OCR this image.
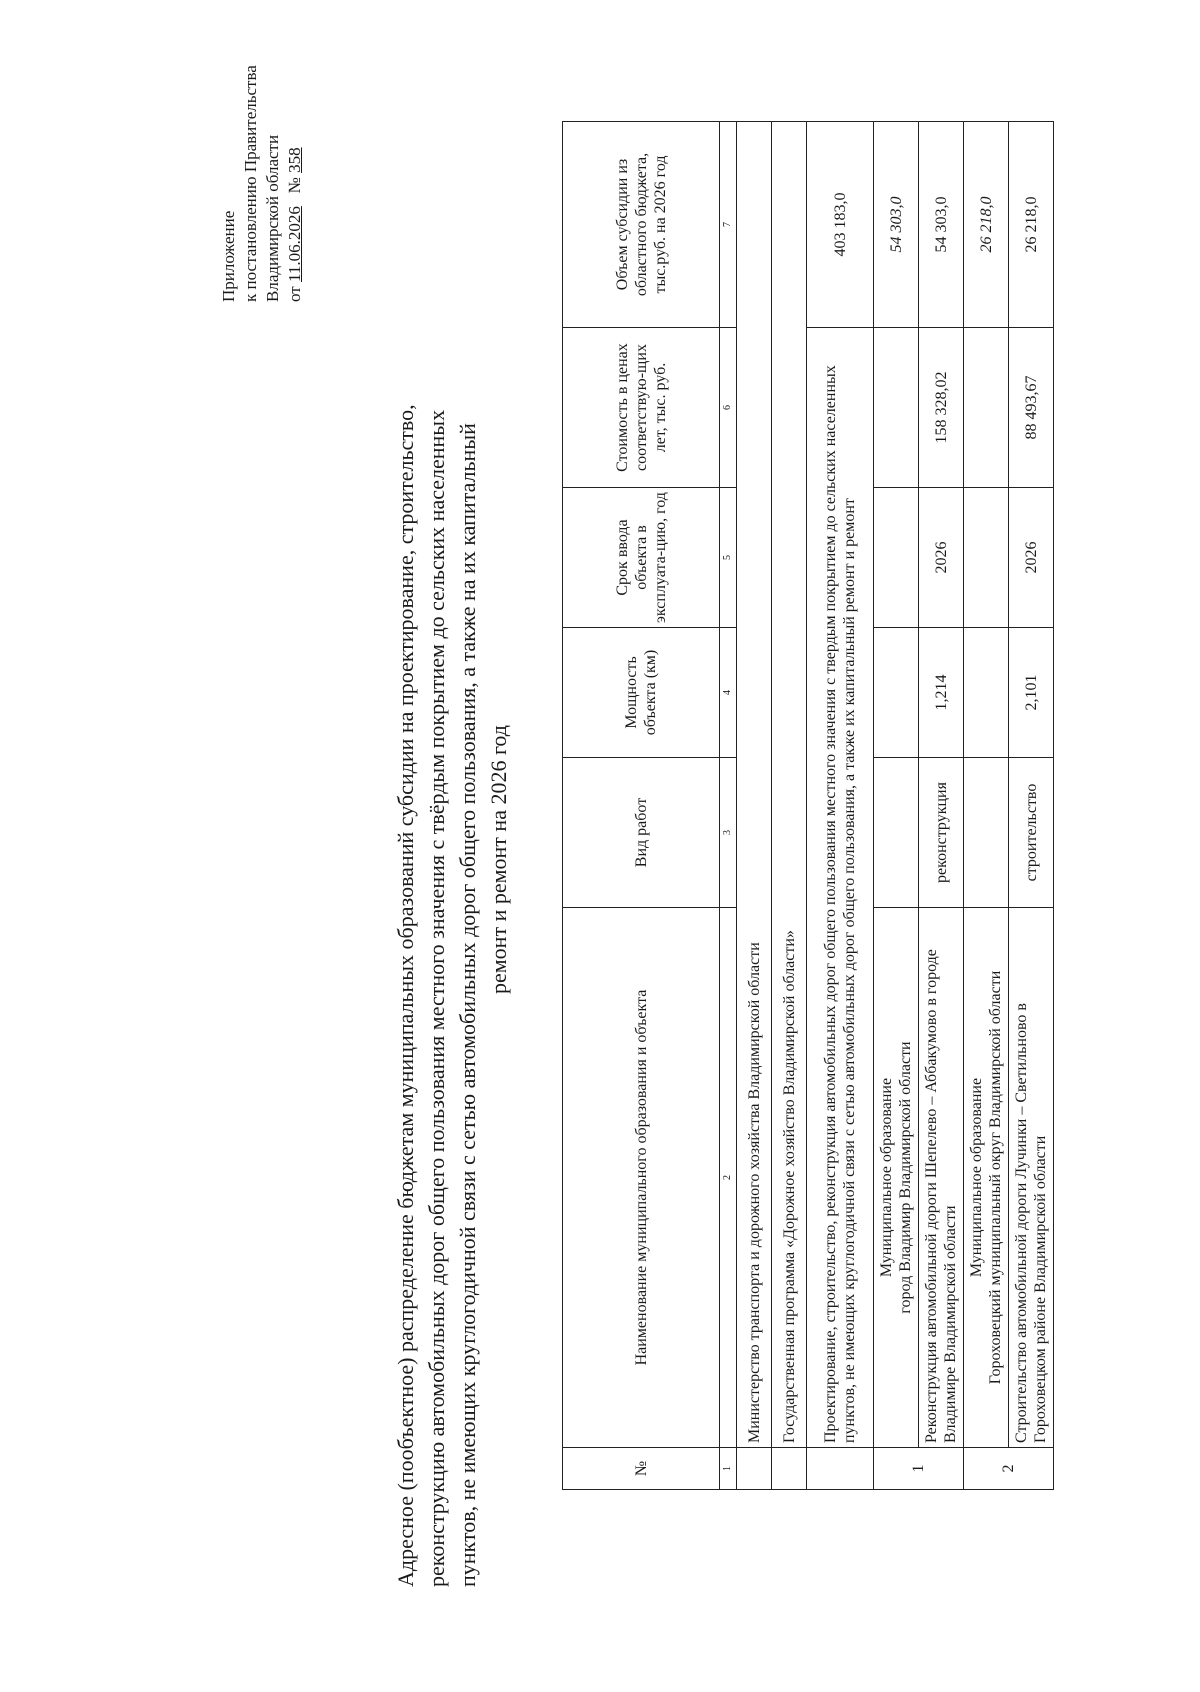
Приложение к постановлению Правительства Владимирской области от 11.06.2026   № 358
Адресное (пообъектное) распределение бюджетам муниципальных образований субсидии на проектирование, строительство, реконструкцию автомобильных дорог общего пользования местного значения с твёрдым покрытием до сельских населенных пунктов, не имеющих круглогодичной связи с сетью автомобильных дорог общего пользования, а также на их капитальный ремонт и ремонт на 2026 год
№	Наименование муниципального образования и объекта	Вид работ	Мощность объекта (км)	Срок ввода объекта в эксплуата-цию, год	Стоимость в ценах соответствую-щих лет, тыс. руб.	Объем субсидии из областного бюджета, тыс.руб. на 2026 год
1	2	3	4	5	6	7
	Министерство транспорта и дорожного хозяйства Владимирской области					
	Государственная программа «Дорожное хозяйство Владимирской области»					
	Проектирование, строительство, реконструкция автомобильных дорог общего пользования местного значения с твердым покрытием до сельских населенных пунктов, не имеющих круглогодичной связи с сетью автомобильных дорог общего пользования, а также их капитальный ремонт и ремонт					403 183,0
1	Муниципальное образование город Владимир Владимирской области					54 303,0
	Реконструкция автомобильной дороги Шепелево – Аббакумово в городе Владимире Владимирской области	реконструкция	1,214	2026	158 328,02	54 303,0
2	Муниципальное образование Гороховецкий муниципальный округ Владимирской области					26 218,0
	Строительство автомобильной дороги Лучинки – Светильново в Гороховецком районе Владимирской области	строительство	2,101	2026	88 493,67	26 218,0
